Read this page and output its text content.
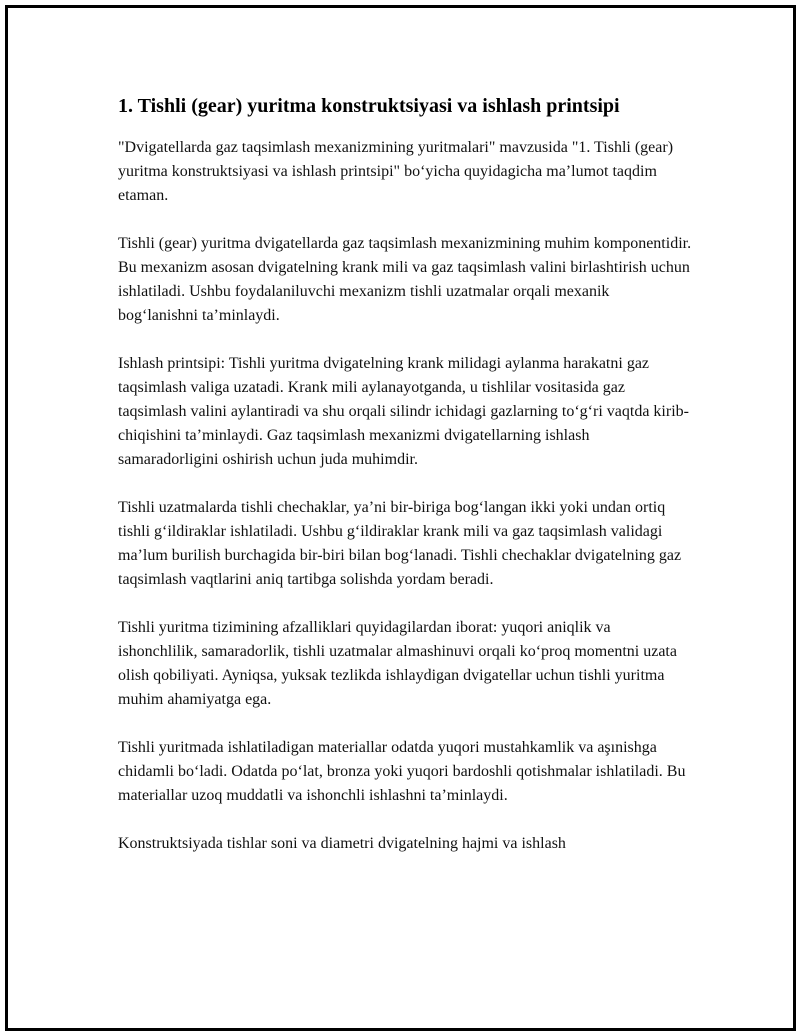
1. Tishli (gear) yuritma konstruktsiyasi va ishlash printsipi

"Dvigatellarda gaz taqsimlash mexanizmining yuritmalari" mavzusida "1. Tishli (gear) yuritma konstruktsiyasi va ishlash printsipi" bo‘yicha quyidagicha ma’lumot taqdim etaman.

Tishli (gear) yuritma dvigatellarda gaz taqsimlash mexanizmining muhim komponentidir. Bu mexanizm asosan dvigatelning krank mili va gaz taqsimlash valini birlashtirish uchun ishlatiladi. Ushbu foydalaniluvchi mexanizm tishli uzatmalar orqali mexanik bog‘lanishni ta’minlaydi.

Ishlash printsipi: Tishli yuritma dvigatelning krank milidagi aylanma harakatni gaz taqsimlash valiga uzatadi. Krank mili aylanayotganda, u tishlilar vositasida gaz taqsimlash valini aylantiradi va shu orqali silindr ichidagi gazlarning to‘g‘ri vaqtda kirib-chiqishini ta’minlaydi. Gaz taqsimlash mexanizmi dvigatellarning ishlash samaradorligini oshirish uchun juda muhimdir.

Tishli uzatmalarda tishli chechaklar, ya’ni bir-biriga bog‘langan ikki yoki undan ortiq tishli g‘ildiraklar ishlatiladi. Ushbu g‘ildiraklar krank mili va gaz taqsimlash validagi ma’lum burilish burchagida bir-biri bilan bog‘lanadi. Tishli chechaklar dvigatelning gaz taqsimlash vaqtlarini aniq tartibga solishda yordam beradi.

Tishli yuritma tizimining afzalliklari quyidagilardan iborat: yuqori aniqlik va ishonchlilik, samaradorlik, tishli uzatmalar almashinuvi orqali ko‘proq momentni uzata olish qobiliyati. Ayniqsa, yuksak tezlikda ishlaydigan dvigatellar uchun tishli yuritma muhim ahamiyatga ega.

Tishli yuritmada ishlatiladigan materiallar odatda yuqori mustahkamlik va aşınishga chidamli bo‘ladi. Odatda po‘lat, bronza yoki yuqori bardoshli qotishmalar ishlatiladi. Bu materiallar uzoq muddatli va ishonchli ishlashni ta’minlaydi.

Konstruktsiyada tishlar soni va diametri dvigatelning hajmi va ishlash
